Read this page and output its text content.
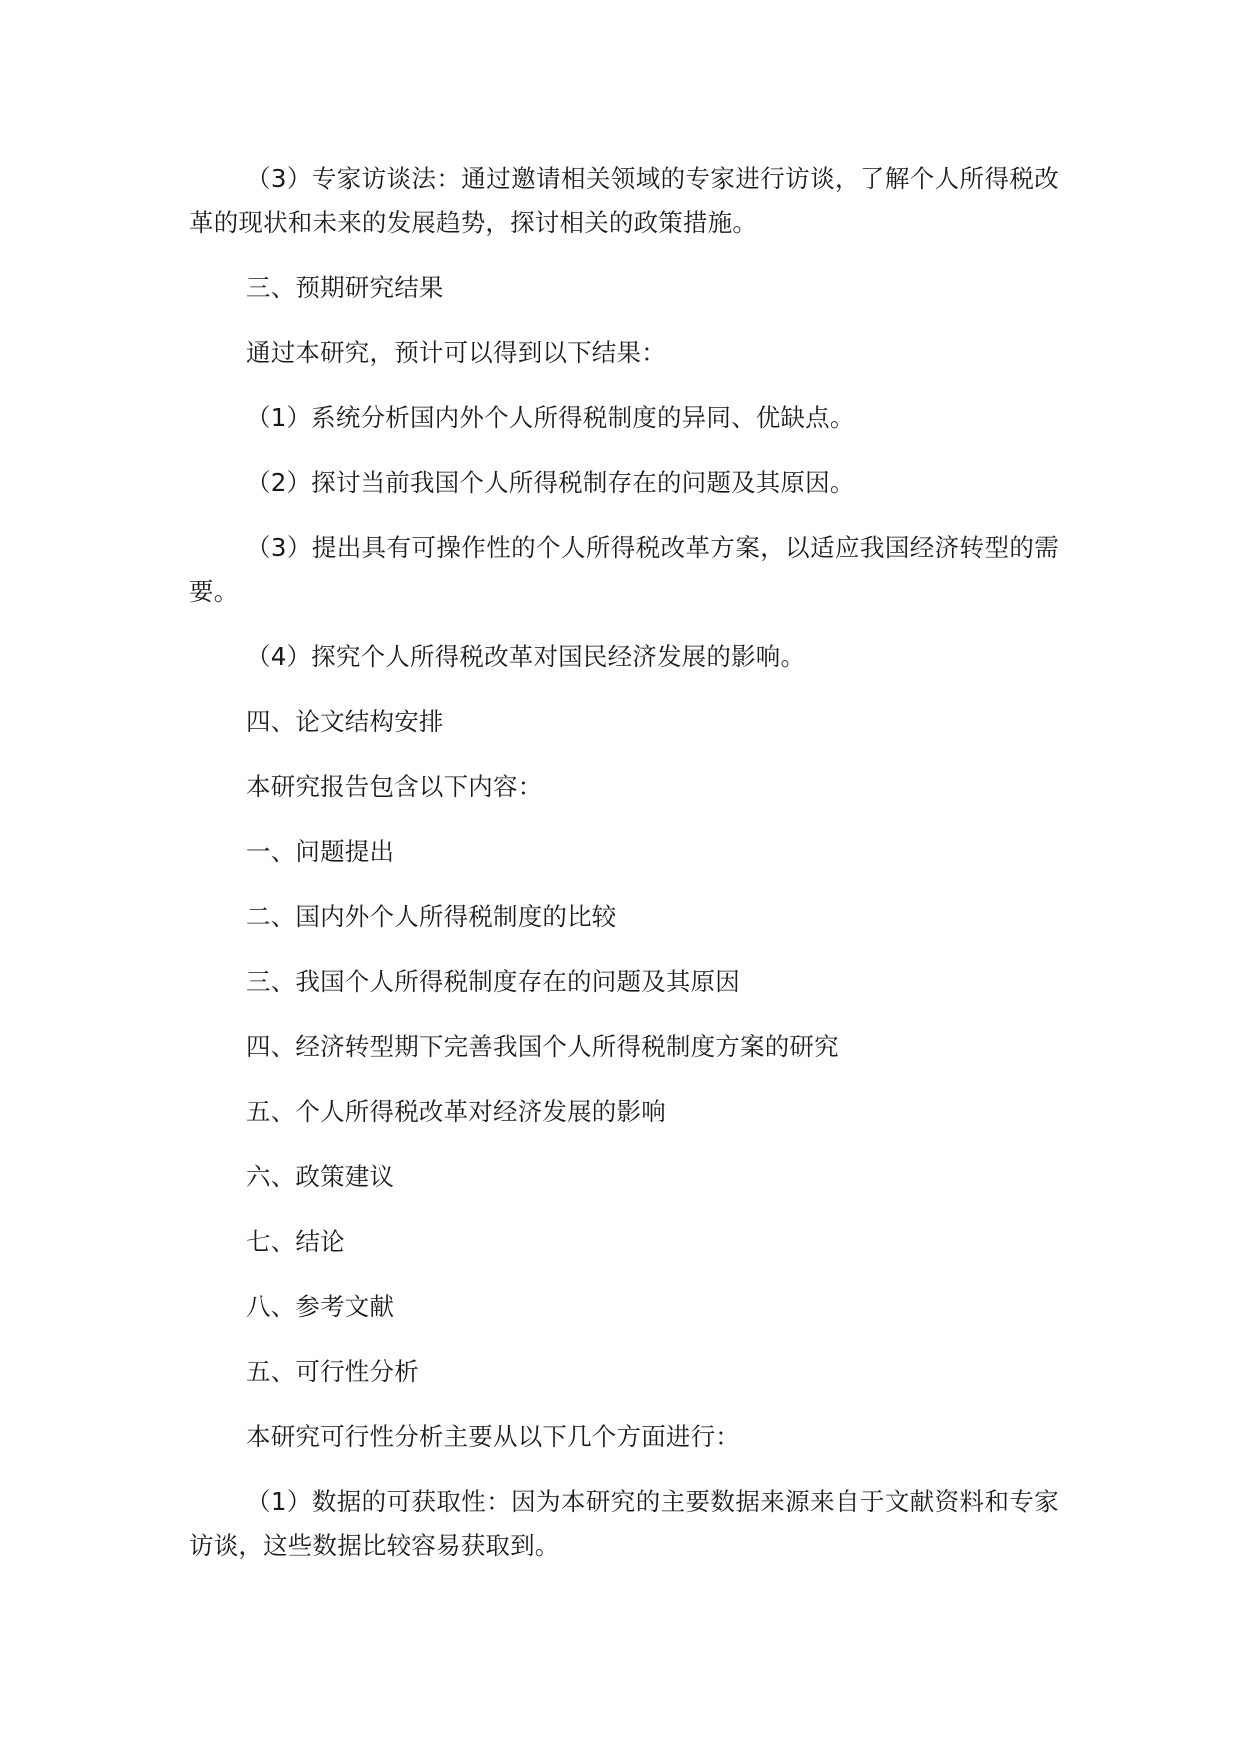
（3）专家访谈法：通过邀请相关领域的专家进行访谈，了解个人所得税改革的现状和未来的发展趋势，探讨相关的政策措施。

三、预期研究结果

通过本研究，预计可以得到以下结果：

（1）系统分析国内外个人所得税制度的异同、优缺点。

（2）探讨当前我国个人所得税制存在的问题及其原因。

（3）提出具有可操作性的个人所得税改革方案，以适应我国经济转型的需要。

（4）探究个人所得税改革对国民经济发展的影响。

四、论文结构安排

本研究报告包含以下内容：

一、问题提出

二、国内外个人所得税制度的比较

三、我国个人所得税制度存在的问题及其原因

四、经济转型期下完善我国个人所得税制度方案的研究

五、个人所得税改革对经济发展的影响

六、政策建议

七、结论

八、参考文献

五、可行性分析

本研究可行性分析主要从以下几个方面进行：

（1）数据的可获取性：因为本研究的主要数据来源来自于文献资料和专家访谈，这些数据比较容易获取到。
